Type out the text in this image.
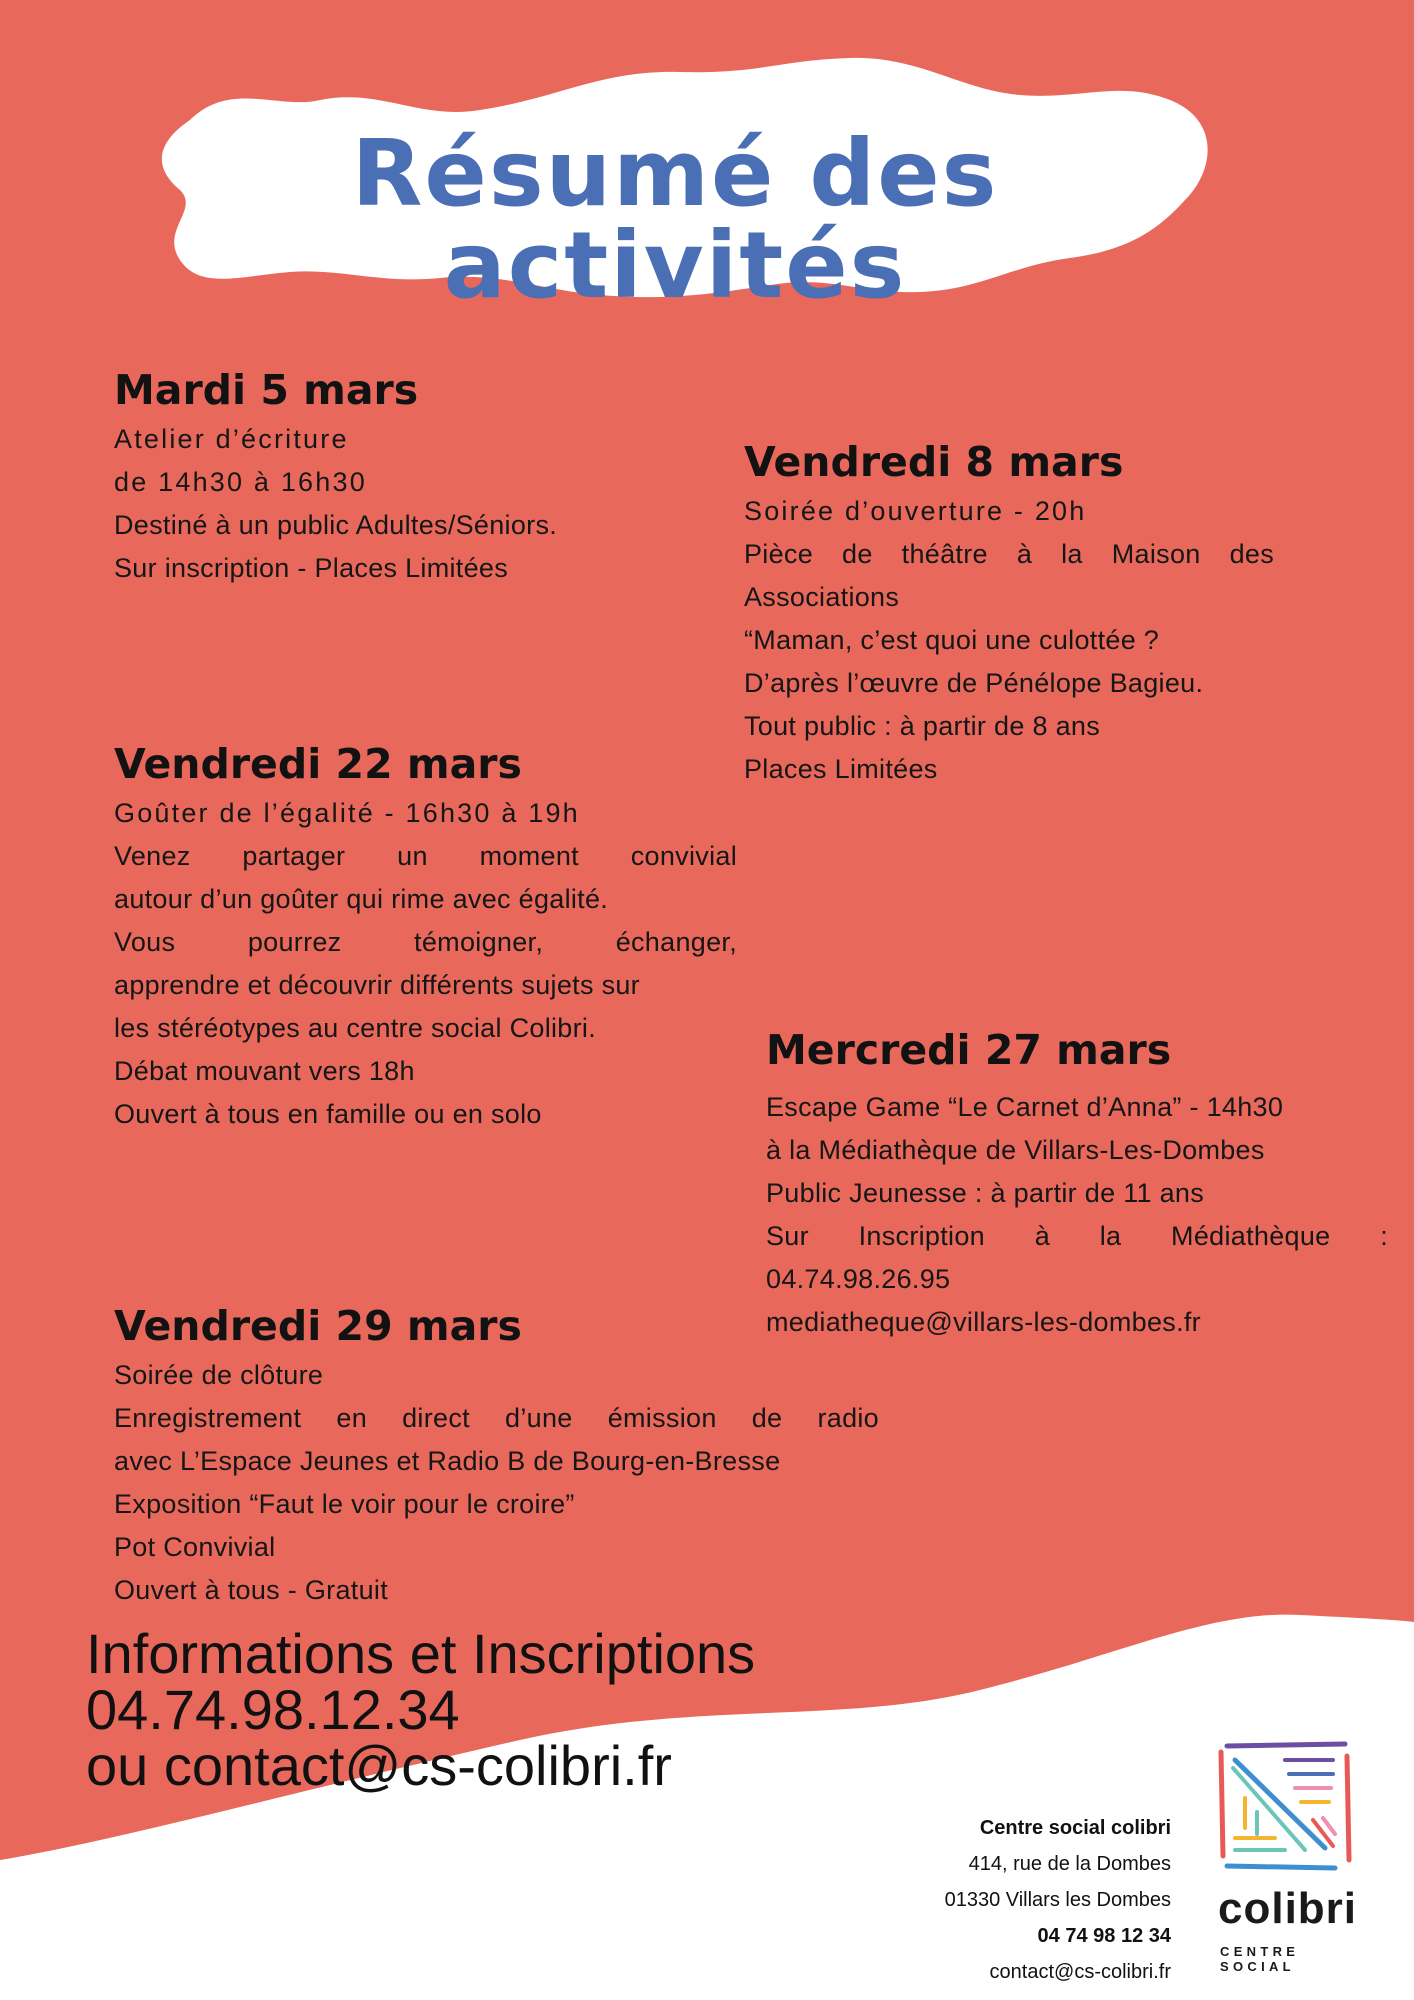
Résumé des activités
Mardi 5 mars
Atelier d’écriture
de 14h30 à 16h30
Destiné à un public Adultes/Séniors.
Sur inscription - Places Limitées
Vendredi 8 mars
Soirée d’ouverture - 20h
Pièce de théâtre à la Maison des
Associations
“Maman, c’est quoi une culottée ?
D’après l’œuvre de Pénélope Bagieu.
Tout public : à partir de 8 ans
Places Limitées
Vendredi 22 mars
Goûter de l’égalité - 16h30 à 19h
Venez partager un moment convivial
autour d’un goûter qui rime avec égalité.
Vous pourrez témoigner, échanger,
apprendre et découvrir différents sujets sur
les stéréotypes au centre social Colibri.
Débat mouvant vers 18h
Ouvert à tous en famille ou en solo
Mercredi 27 mars
Escape Game “Le Carnet d’Anna” - 14h30
à la Médiathèque de Villars-Les-Dombes
Public Jeunesse : à partir de 11 ans
Sur Inscription à la Médiathèque :
04.74.98.26.95
mediatheque@villars-les-dombes.fr
Vendredi 29 mars
Soirée de clôture
Enregistrement en direct d’une émission de radio
avec L’Espace Jeunes et Radio B de Bourg-en-Bresse
Exposition “Faut le voir pour le croire”
Pot Convivial
Ouvert à tous - Gratuit
Informations et Inscriptions
04.74.98.12.34
ou contact@cs-colibri.fr
Centre social colibri
414, rue de la Dombes
01330 Villars les Dombes
04 74 98 12 34
contact@cs-colibri.fr
colibri
CENTRE SOCIAL
